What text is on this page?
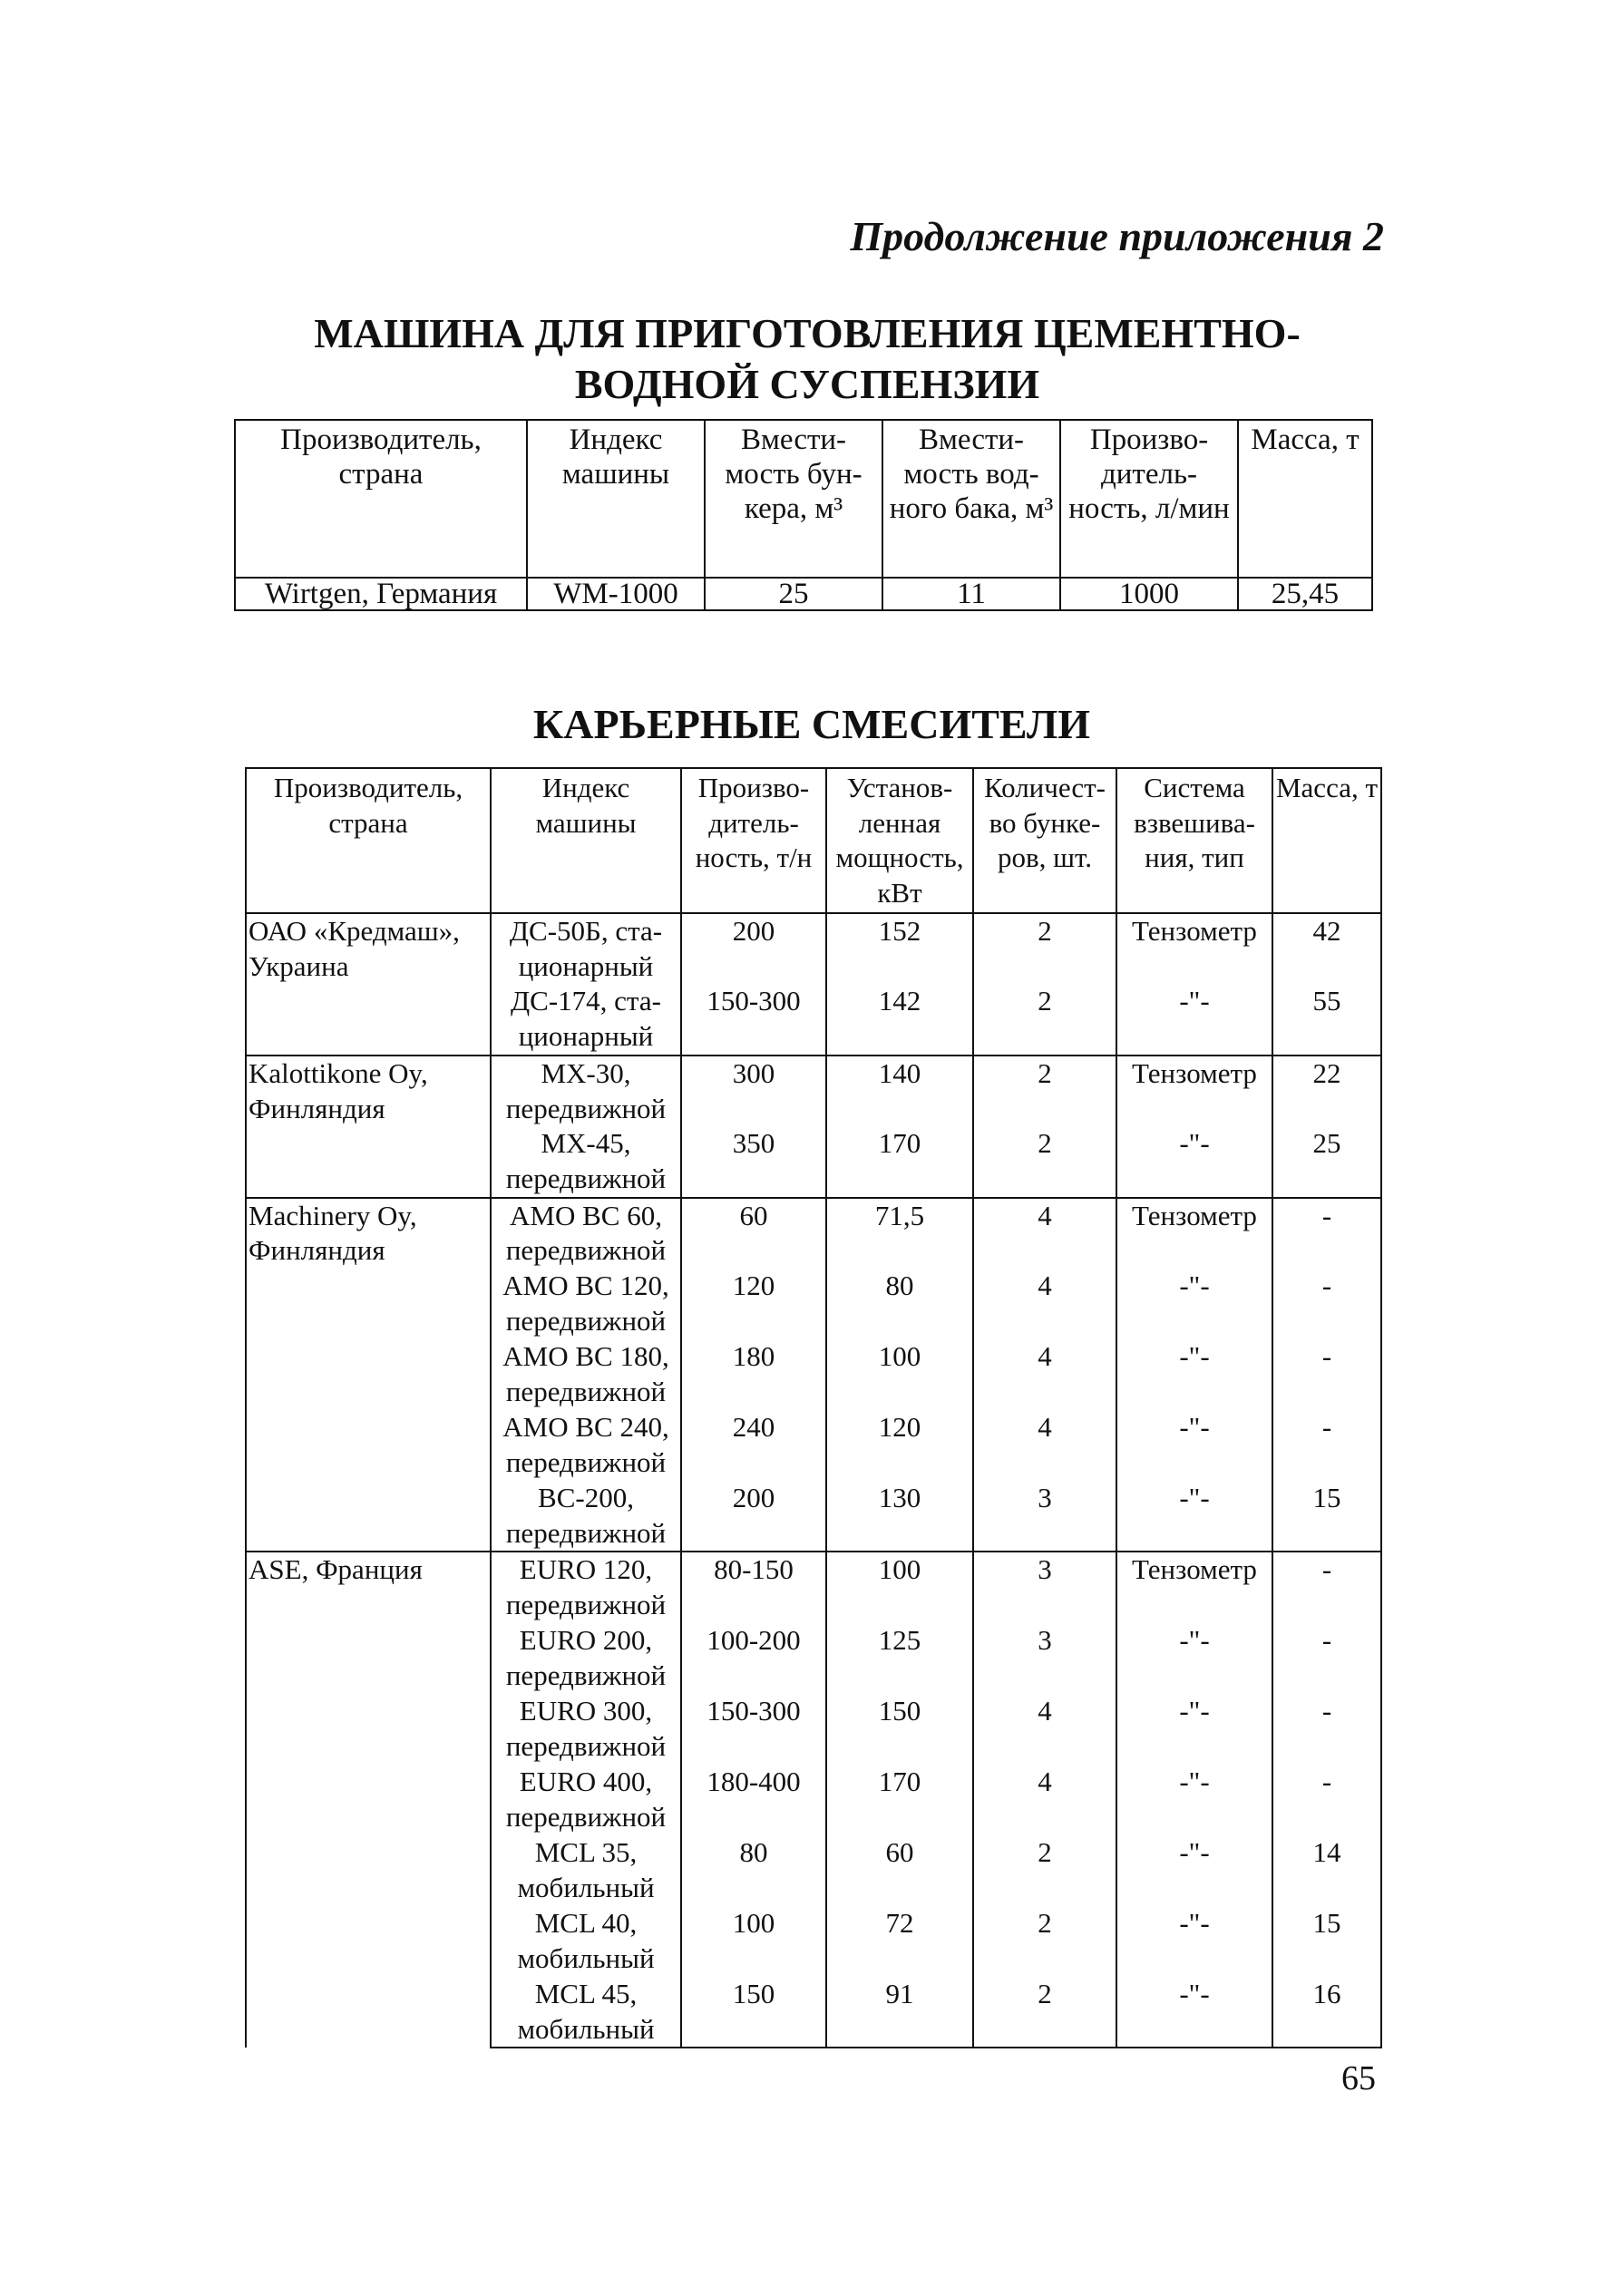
Продолжение приложения 2
МАШИНА ДЛЯ ПРИГОТОВЛЕНИЯ ЦЕМЕНТНО-ВОДНОЙ СУСПЕНЗИИ
Производитель, страна	Индекс машины	Вмести-мость бун-кера, м³	Вмести-мость вод-ного бака, м³	Произво-дитель-ность, л/мин	Масса, т
Wirtgen, Германия	WM-1000	25	11	1000	25,45
КАРЬЕРНЫЕ СМЕСИТЕЛИ
Производитель, страна	Индекс машины	Произво-дитель-ность, т/н	Установ-ленная мощность, кВт	Количест-во бунке-ров, шт.	Система взвешива-ния, тип	Масса, т
ОАО «Кредмаш», Украина	ДС-50Б, ста-ционарный	200	152	2	Тензометр	42
	ДС-174, ста-ционарный	150-300	142	2	-"-	55
Kalottikone Oy, Финляндия	МХ-30, передвижной	300	140	2	Тензометр	22
	МХ-45, передвижной	350	170	2	-"-	25
Machinery Oy, Финляндия	AMO BC 60, передвижной	60	71,5	4	Тензометр	-
	AMO BC 120, передвижной	120	80	4	-"-	-
	AMO BC 180, передвижной	180	100	4	-"-	-
	AMO BC 240, передвижной	240	120	4	-"-	-
	BC-200, передвижной	200	130	3	-"-	15
ASE, Франция	EURO 120, передвижной	80-150	100	3	Тензометр	-
	EURO 200, передвижной	100-200	125	3	-"-	-
	EURO 300, передвижной	150-300	150	4	-"-	-
	EURO 400, передвижной	180-400	170	4	-"-	-
	MCL 35, мобильный	80	60	2	-"-	14
	MCL 40, мобильный	100	72	2	-"-	15
	MCL 45, мобильный	150	91	2	-"-	16
65
